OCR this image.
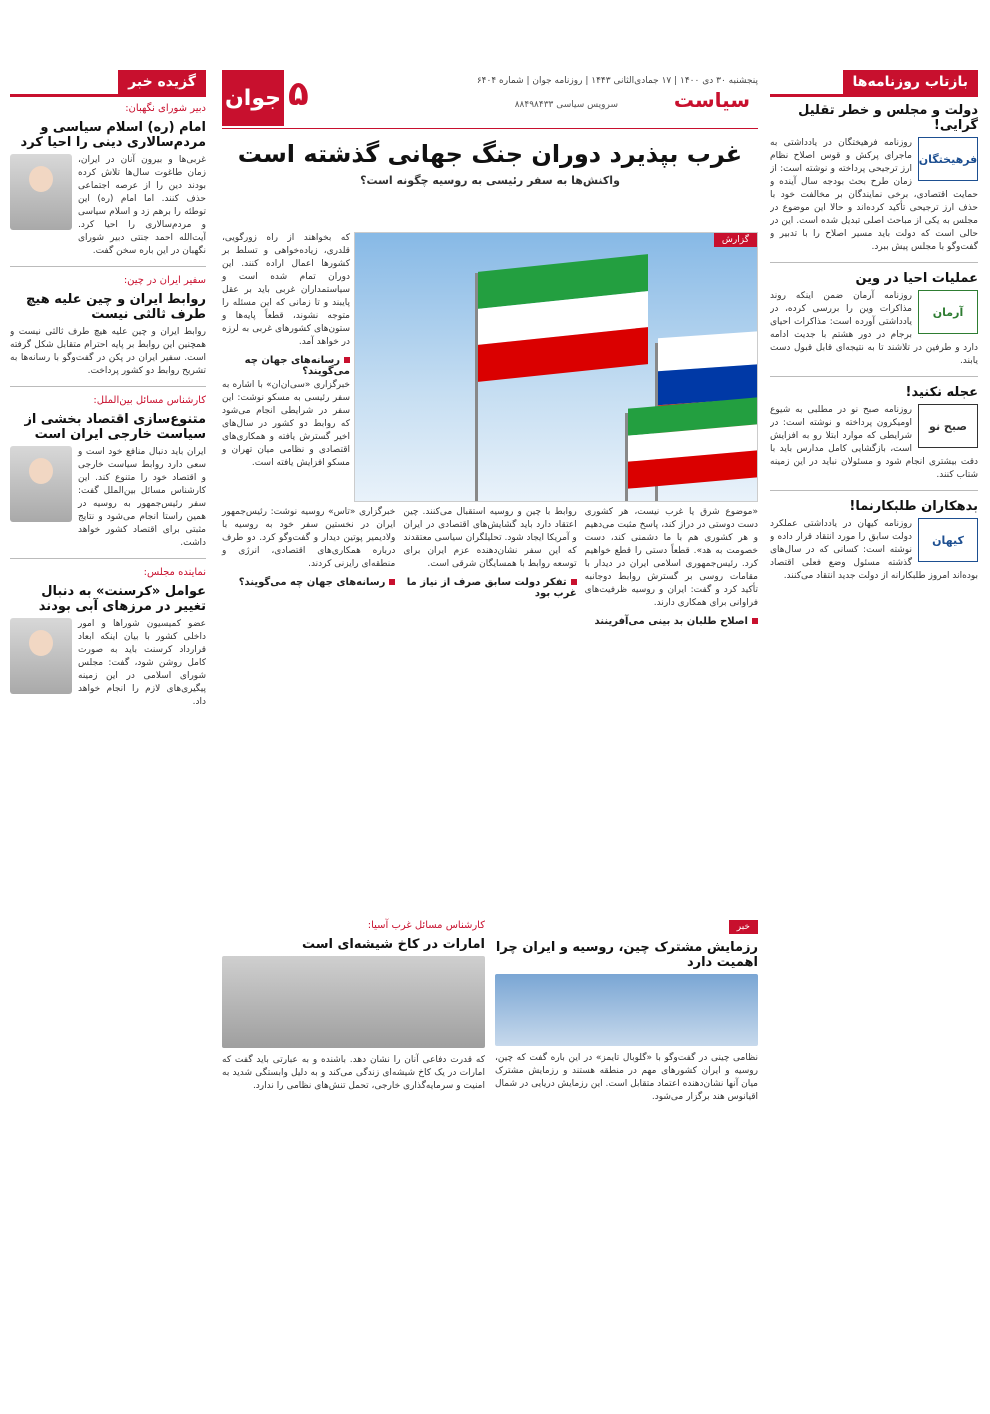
بازتاب روزنامه‌ها
دولت و مجلس و خطر تقلیل گرایی!
فرهیختگان
روزنامه فرهیختگان در یادداشتی به ماجرای پرکش و قوس اصلاح نظام ارز ترجیحی پرداخته و نوشته است: از زمان طرح بحث بودجه سال آینده و حمایت اقتصادی، برخی نمایندگان بر مخالفت خود با حذف ارز ترجیحی تأکید کرده‌اند و حالا این موضوع در مجلس به یکی از مباحث اصلی تبدیل شده است. این در حالی است که دولت باید مسیر اصلاح را با تدبیر و گفت‌وگو با مجلس پیش ببرد.
عملیات احیا در وین
آرمان
روزنامه آرمان ضمن اینکه روند مذاکرات وین را بررسی کرده، در یادداشتی آورده است: مذاکرات احیای برجام در دور هشتم با جدیت ادامه دارد و طرفین در تلاشند تا به نتیجه‌ای قابل قبول دست یابند.
عجله نکنید!
صبح نو
روزنامه صبح نو در مطلبی به شیوع اومیکرون پرداخته و نوشته است: در شرایطی که موارد ابتلا رو به افزایش است، بازگشایی کامل مدارس باید با دقت بیشتری انجام شود و مسئولان نباید در این زمینه شتاب کنند.
بدهکاران طلبکارنما!
کیهان
روزنامه کیهان در یادداشتی عملکرد دولت سابق را مورد انتقاد قرار داده و نوشته است: کسانی که در سال‌های گذشته مسئول وضع فعلی اقتصاد بوده‌اند امروز طلبکارانه از دولت جدید انتقاد می‌کنند.
جوان ۵	پنجشنبه ۳۰ دی ۱۴۰۰ | ۱۷ جمادی‌الثانی ۱۴۴۳ | روزنامه جوان | شماره ۶۴۰۴
سیاست
سرویس سیاسی ۸۸۴۹۸۴۳۳
غرب بپذیرد دوران جنگ جهانی گذشته است
واکنش‌ها به سفر رئیسی به روسیه چگونه است؟
که بخواهند از راه زورگویی، قلدری، زیاده‌خواهی و تسلط بر کشورها اعمال اراده کنند. این دوران تمام شده است و سیاستمداران غربی باید بر عقل پایبند و تا زمانی که این مسئله را متوجه نشوند، قطعاً پایه‌ها و ستون‌های کشورهای غربی به لرزه در خواهد آمد.
رسانه‌های جهان چه می‌گویند؟
خبرگزاری «سی‌ان‌ان» با اشاره به سفر رئیسی به مسکو نوشت: این سفر در شرایطی انجام می‌شود که روابط دو کشور در سال‌های اخیر گسترش یافته و همکاری‌های اقتصادی و نظامی میان تهران و مسکو افزایش یافته است.
گزارش
«موضوع شرق یا غرب نیست، هر کشوری دست دوستی در دراز کند، پاسخ مثبت می‌دهیم و هر کشوری هم با ما دشمنی کند، دست خصومت به هد». قطعاً دستی را قطع خواهیم کرد. رئیس‌جمهوری اسلامی ایران در دیدار با مقامات روسی بر گسترش روابط دوجانبه تأکید کرد و گفت: ایران و روسیه ظرفیت‌های فراوانی برای همکاری دارند.
اصلاح طلبان بد بینی می‌آفرینند
روابط با چین و روسیه استقبال می‌کنند. چین اعتقاد دارد باید گشایش‌های اقتصادی در ایران و آمریکا ایجاد شود. تحلیلگران سیاسی معتقدند که این سفر نشان‌دهنده عزم ایران برای توسعه روابط با همسایگان شرقی است.
تفکر دولت سابق صرف از نیاز ما غرب بود
خبرگزاری «تاس» روسیه نوشت: رئیس‌جمهور ایران در نخستین سفر خود به روسیه با ولادیمیر پوتین دیدار و گفت‌وگو کرد. دو طرف درباره همکاری‌های اقتصادی، انرژی و منطقه‌ای رایزنی کردند.
رسانه‌های جهان چه می‌گویند؟
خبر
رزمایش مشترک چین، روسیه و ایران چرا اهمیت دارد
نظامی چینی در گفت‌وگو با «گلوبال تایمز» در این باره گفت که چین، روسیه و ایران کشورهای مهم در منطقه هستند و رزمایش مشترک میان آنها نشان‌دهنده اعتماد متقابل است. این رزمایش دریایی در شمال اقیانوس هند برگزار می‌شود.
کارشناس مسائل غرب آسیا:
امارات در کاخ شیشه‌ای است
که قدرت دفاعی آنان را نشان دهد. باشنده و به عبارتی باید گفت که امارات در یک کاخ شیشه‌ای زندگی می‌کند و به دلیل وابستگی شدید به امنیت و سرمایه‌گذاری خارجی، تحمل تنش‌های نظامی را ندارد.
گزیده خبر
دبیر شورای نگهبان:
امام (ره) اسلام سیاسی و مردم‌سالاری دینی را احیا کرد
غربی‌ها و بیرون آنان در ایران، زمان طاغوت سال‌ها تلاش کرده بودند دین را از عرصه اجتماعی حذف کنند. اما امام (ره) این توطئه را برهم زد و اسلام سیاسی و مردم‌سالاری را احیا کرد. آیت‌الله احمد جنتی دبیر شورای نگهبان در این باره سخن گفت.
سفیر ایران در چین:
روابط ایران و چین علیه هیچ طرف ثالثی نیست
روابط ایران و چین علیه هیچ طرف ثالثی نیست و همچنین این روابط بر پایه احترام متقابل شکل گرفته است. سفیر ایران در پکن در گفت‌وگو با رسانه‌ها به تشریح روابط دو کشور پرداخت.
کارشناس مسائل بین‌الملل:
متنوع‌سازی اقتصاد بخشی از سیاست خارجی ایران است
ایران باید دنبال منافع خود است و سعی دارد روابط سیاست خارجی و اقتصاد خود را متنوع کند. این کارشناس مسائل بین‌الملل گفت: سفر رئیس‌جمهور به روسیه در همین راستا انجام می‌شود و نتایج مثبتی برای اقتصاد کشور خواهد داشت.
نماینده مجلس:
عوامل «کرسنت» به دنبال تغییر در مرزهای آبی بودند
عضو کمیسیون شوراها و امور داخلی کشور با بیان اینکه ابعاد قرارداد کرسنت باید به صورت کامل روشن شود، گفت: مجلس شورای اسلامی در این زمینه پیگیری‌های لازم را انجام خواهد داد.
